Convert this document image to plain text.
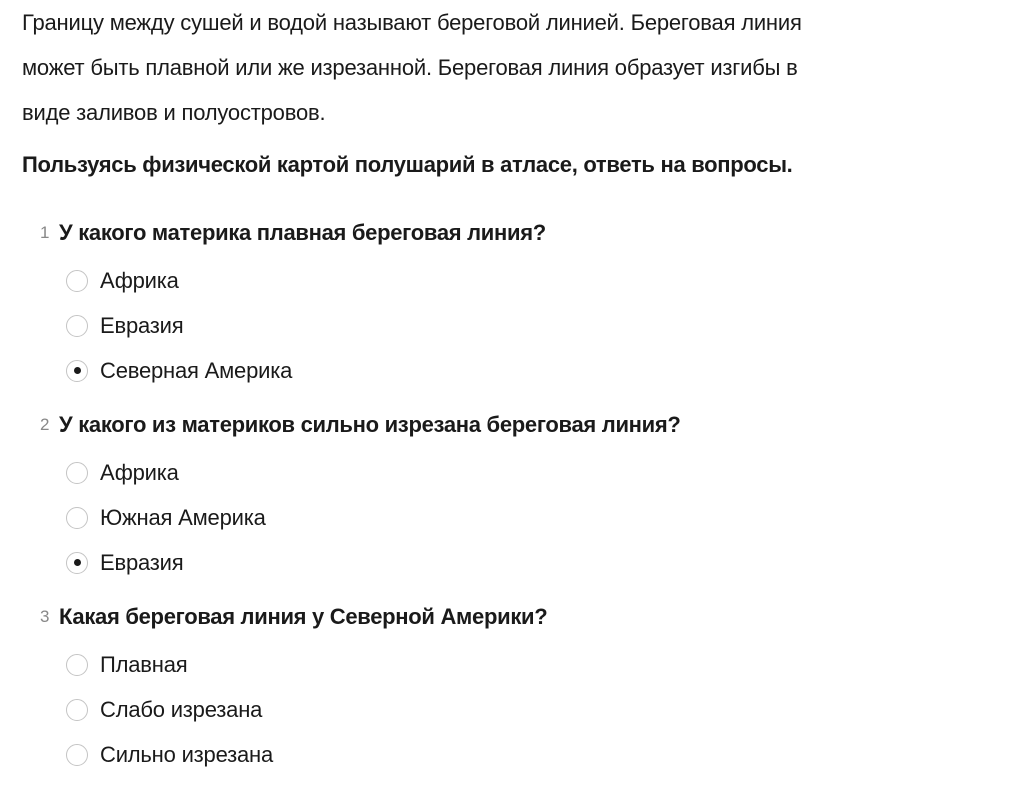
Границу между сушей и водой называют береговой линией. Береговая линия
может быть плавной или же изрезанной. Береговая линия образует изгибы в
виде заливов и полуостровов.
Пользуясь физической картой полушарий в атласе, ответь на вопросы.
1 У какого материка плавная береговая линия?
Африка
Евразия
Северная Америка
2 У какого из материков сильно изрезана береговая линия?
Африка
Южная Америка
Евразия
3 Какая береговая линия у Северной Америки?
Плавная
Слабо изрезана
Сильно изрезана
